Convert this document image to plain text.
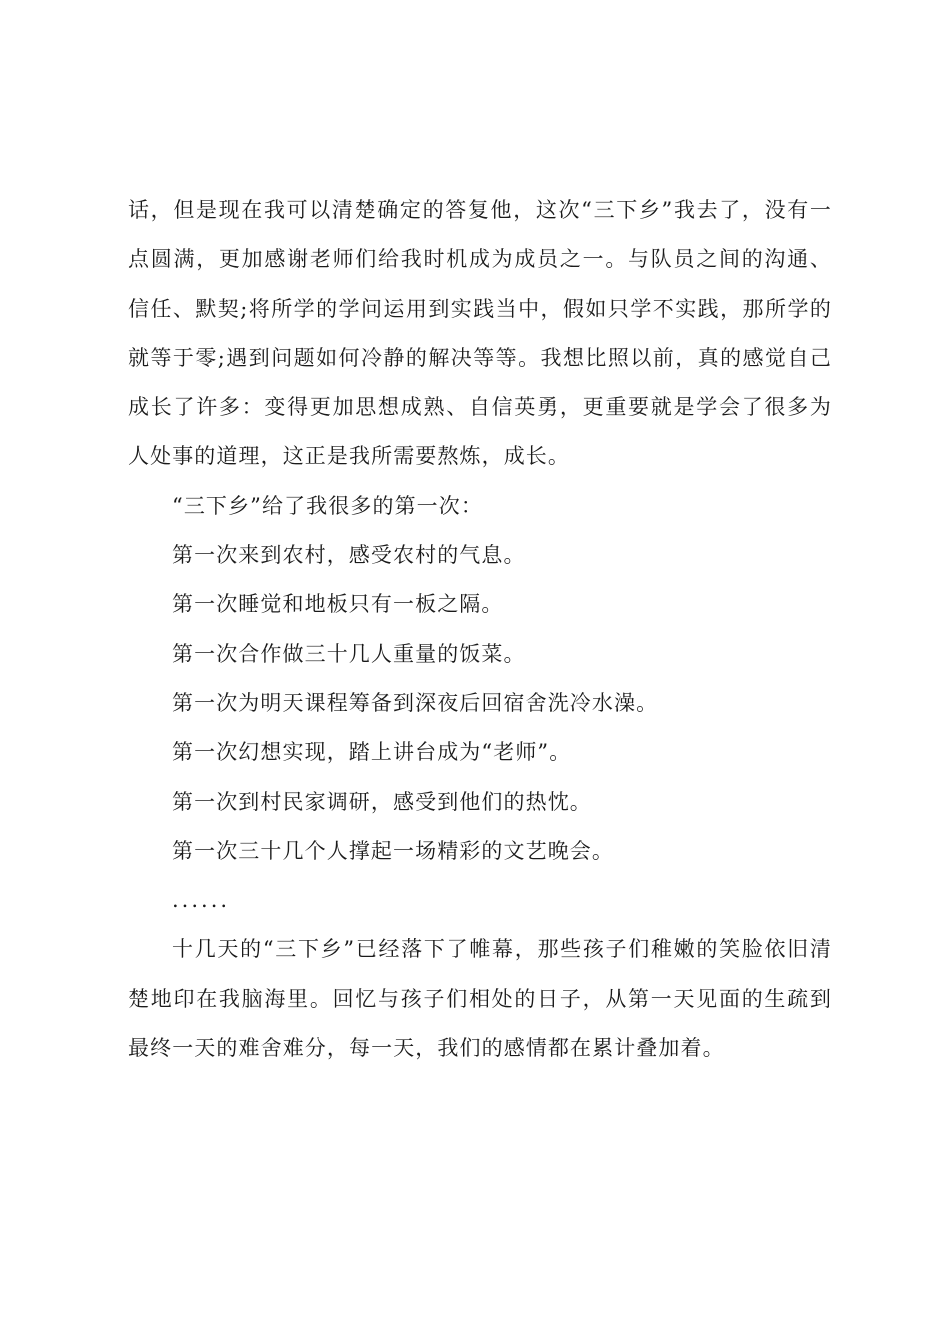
话，但是现在我可以清楚确定的答复他，这次“三下乡”我去了，没有一点圆满，更加感谢老师们给我时机成为成员之一。与队员之间的沟通、信任、默契;将所学的学问运用到实践当中，假如只学不实践，那所学的就等于零;遇到问题如何冷静的解决等等。我想比照以前，真的感觉自己成长了许多：变得更加思想成熟、自信英勇，更重要就是学会了很多为人处事的道理，这正是我所需要熬炼，成长。

“三下乡”给了我很多的第一次：

第一次来到农村，感受农村的气息。

第一次睡觉和地板只有一板之隔。

第一次合作做三十几人重量的饭菜。

第一次为明天课程筹备到深夜后回宿舍洗冷水澡。

第一次幻想实现，踏上讲台成为“老师”。

第一次到村民家调研，感受到他们的热忱。

第一次三十几个人撑起一场精彩的文艺晚会。

......

十几天的“三下乡”已经落下了帷幕，那些孩子们稚嫩的笑脸依旧清楚地印在我脑海里。回忆与孩子们相处的日子，从第一天见面的生疏到最终一天的难舍难分，每一天，我们的感情都在累计叠加着。
